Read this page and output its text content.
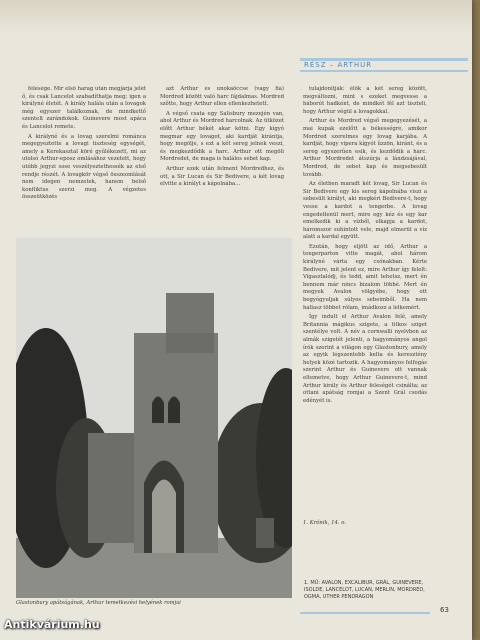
RÉSZ – ARTHUR

felesége. Mir első harag után megjárja jelét ő, és csak Lancelot szabadíthatja meg; igen a királyné életét. A király halála után a lovagok még egyszer találkoznak, de mindkettő szentelt zarándokok. Guinevere most apáca és Lancelot remete.

A királyné és a lovag szerelmi románca megegyeztette a lovagi tiszteség egységét, amely a Kerekasztal köré gyűlékezett, mi az utolsó Arthur-eposz omlásához vezetett, hogy utóbb jegyzi sose veszélyeztethessék az első rendje részét. A lovagkör végső összeomlását nem idegen nemzetek, hanem belső konfliktus szerzi meg. A végzetes összeütközés

azt Arthur és unokaöccse (vagy fia) Mordred között való harc fájdalmas. Mordred szőtte, hogy Arthur ellen ellenkezhetett.

A végső csata egy Salisbury mezején van, ahol Arthur és Mordred harcolnak. Az ütközet előtt Arthur békét akar kötni. Egy kígyó megmar egy lovagot, aki kardját kirántja, hogy megölje, s ezt a két sereg jelnek veszi, és megkezdődik a harc. Arthur ott megöli Mordredet, de maga is halálos sebet kap.

Arthur ezek után felment Mordredhez, és ott, a Sir Lucan és Sir Bedivere, a két lovag elvitte a királyt a kápolnába...

tulajdonítják: élők a két sereg között, megváltozni, mint s ezeket megvesse a háborút hadként, de mindkét fél azt tiszteli, hogy Arthur végül a lovagokkal.

Arthur és Mordred végső megegyezését, a mai kupak ezelőtt a békességre, amikor Mordred szerelmes egy lovag karjába. A kardját, hogy vipera kígyót űzzön, kiránt, és a sereg egyszerűen esik, és kezdődik a harc. Arthur Mordredet átszúrja a lándzsájával, Mordred, de sebet kap és megsebesült tovább.

Az életben maradt két lovag, Sir Lucan és Sir Bedivere egy kis sereg kápolnába viszi a sebesült királyt, aki megkéri Bedivere-t, hogy vesse a kardot a tengerbe. A lovag engedetlenül mert, mire egy kéz és egy kar emelkedik ki a vízből, elkapja a kardot, háromszor suhintott vele, majd elmerül a víz alatt a kardal együtt.

Ezután, hogy eljött az idő, Arthur a tengerparton vitte magát, ahol három királyné várta egy csónakban. Kérte Bedivere, mit jelent ez, mire Arthur így felelt: Vigasztalódj, és tedd, amit tehetsz, mert én bennem már nincs bizalom többé. Mert én megyek Avalon völgyébe, hogy ott begyógyuljak súlyos sebeimből. Ha nem hallasz többet rólam, imádkozz a lelkemért.

Így indult el Arthur Avalon felé, amely Britannia mágikus szigete, a titkos sziget szentélye volt. A név a cornwalli nyelvben az almák szigetét jelenti, a hagyományos angol írók szerint a világon egy Glastonbury, amely az egyik legszentebb kelta és keresztény helyek közé tartozik. A hagyományos felfogás szerint Arthur és Guinevere ott vannak eltemetve, hogy Arthur Guinevere-t, mind Arthur király és Arthur feleségét csinálta; az ottani apátság romjai a Szent Grál csodás edényét is.

1. Krónik, 14. o.
Glastonbury apátságának, Arthur temetkezési helyének romjai
1. MŰ: AVALON, EXCALIBUR, GRÁL, GUINEVERE, ISOLDE, LANCELOT, LUCAN, MERLIN, MORDRED, OGMA, UTHER PENDRAGON
63
Antikvárium.hu
